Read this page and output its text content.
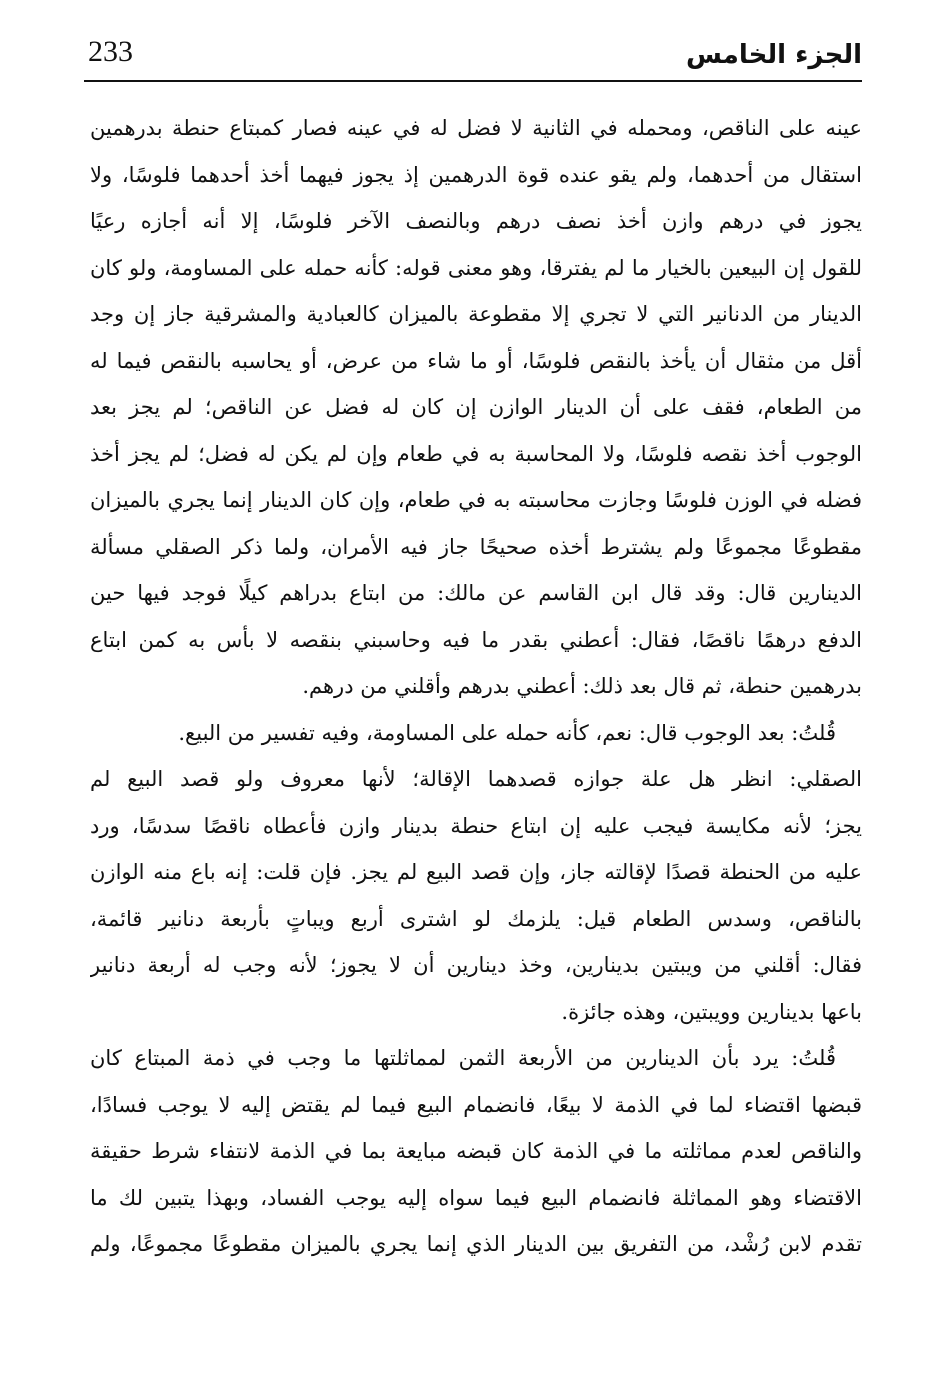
233	الجزء الخامس
عينه على الناقص، ومحمله في الثانية لا فضل له في عينه فصار كمبتاع حنطة بدرهمين
استقال من أحدهما، ولم يقو عنده قوة الدرهمين إذ يجوز فيهما أخذ أحدهما فلوسًا، ولا
يجوز في درهم وازن أخذ نصف درهم وبالنصف الآخر فلوسًا، إلا أنه أجازه رعيًا
للقول إن البيعين بالخيار ما لم يفترقا، وهو معنى قوله: كأنه حمله على المساومة، ولو كان
الدينار من الدنانير التي لا تجري إلا مقطوعة بالميزان كالعبادية والمشرقية جاز إن وجد
أقل من مثقال أن يأخذ بالنقص فلوسًا، أو ما شاء من عرض، أو يحاسبه بالنقص فيما له
من الطعام، فقف على أن الدينار الوازن إن كان له فضل عن الناقص؛ لم يجز بعد
الوجوب أخذ نقصه فلوسًا، ولا المحاسبة به في طعام وإن لم يكن له فضل؛ لم يجز أخذ
فضله في الوزن فلوسًا وجازت محاسبته به في طعام، وإن كان الدينار إنما يجري بالميزان
مقطوعًا مجموعًا ولم يشترط أخذه صحيحًا جاز فيه الأمران، ولما ذكر الصقلي مسألة
الدينارين قال: وقد قال ابن القاسم عن مالك: من ابتاع بدراهم كيلًا فوجد فيها حين
الدفع درهمًا ناقصًا، فقال: أعطني بقدر ما فيه وحاسبني بنقصه لا بأس به كمن ابتاع
بدرهمين حنطة، ثم قال بعد ذلك: أعطني بدرهم وأقلني من درهم.
قُلتُ: بعد الوجوب قال: نعم، كأنه حمله على المساومة، وفيه تفسير من البيع.
الصقلي: انظر هل علة جوازه قصدهما الإقالة؛ لأنها معروف ولو قصد البيع لم
يجز؛ لأنه مكايسة فيجب عليه إن ابتاع حنطة بدينار وازن فأعطاه ناقصًا سدسًا، ورد
عليه من الحنطة قصدًا لإقالته جاز، وإن قصد البيع لم يجز. فإن قلت: إنه باع منه الوازن
بالناقص، وسدس الطعام قيل: يلزمك لو اشترى أربع ويباتٍ بأربعة دنانير قائمة،
فقال: أقلني من ويبتين بدينارين، وخذ دينارين أن لا يجوز؛ لأنه وجب له أربعة دنانير
باعها بدينارين وويبتين، وهذه جائزة.
قُلتُ: يرد بأن الدينارين من الأربعة الثمن لمماثلتها ما وجب في ذمة المبتاع كان
قبضها اقتضاء لما في الذمة لا بيعًا، فانضمام البيع فيما لم يقتض إليه لا يوجب فسادًا،
والناقص لعدم مماثلته ما في الذمة كان قبضه مبايعة بما في الذمة لانتفاء شرط حقيقة
الاقتضاء وهو المماثلة فانضمام البيع فيما سواه إليه يوجب الفساد، وبهذا يتبين لك ما
تقدم لابن رُشْد، من التفريق بين الدينار الذي إنما يجري بالميزان مقطوعًا مجموعًا، ولم
